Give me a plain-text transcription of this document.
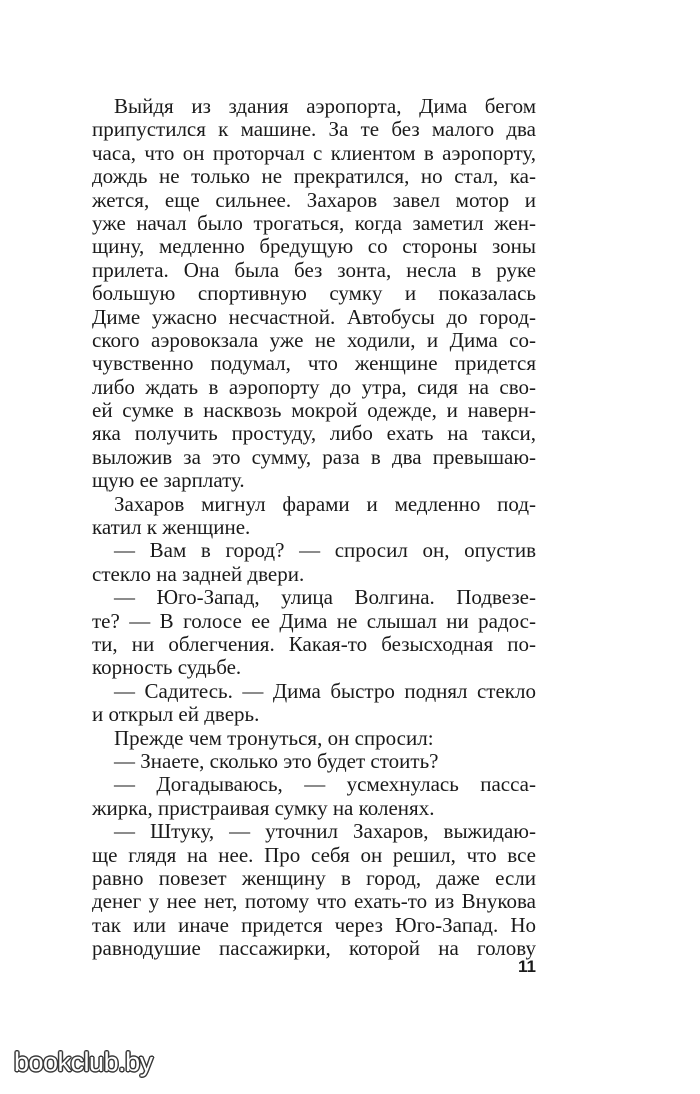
Выйдя из здания аэропорта, Дима бегом
припустился к машине. За те без малого два
часа, что он проторчал с клиентом в аэропорту,
дождь не только не прекратился, но стал, ка-
жется, еще сильнее. Захаров завел мотор и
уже начал было трогаться, когда заметил жен-
щину, медленно бредущую со стороны зоны
прилета. Она была без зонта, несла в руке
большую спортивную сумку и показалась
Диме ужасно несчастной. Автобусы до город-
ского аэровокзала уже не ходили, и Дима со-
чувственно подумал, что женщине придется
либо ждать в аэропорту до утра, сидя на сво-
ей сумке в насквозь мокрой одежде, и наверн-
яка получить простуду, либо ехать на такси,
выложив за это сумму, раза в два превышаю-
щую ее зарплату.
Захаров мигнул фарами и медленно под-
катил к женщине.
— Вам в город? — спросил он, опустив
стекло на задней двери.
— Юго-Запад, улица Волгина. Подвезе-
те? — В голосе ее Дима не слышал ни радос-
ти, ни облегчения. Какая-то безысходная по-
корность судьбе.
— Садитесь. — Дима быстро поднял стекло
и открыл ей дверь.
Прежде чем тронуться, он спросил:
— Знаете, сколько это будет стоить?
— Догадываюсь, — усмехнулась пасса-
жирка, пристраивая сумку на коленях.
— Штуку, — уточнил Захаров, выжидаю-
ще глядя на нее. Про себя он решил, что все
равно повезет женщину в город, даже если
денег у нее нет, потому что ехать-то из Внукова
так или иначе придется через Юго-Запад. Но
равнодушие пассажирки, которой на голову
11
bookclub.by
